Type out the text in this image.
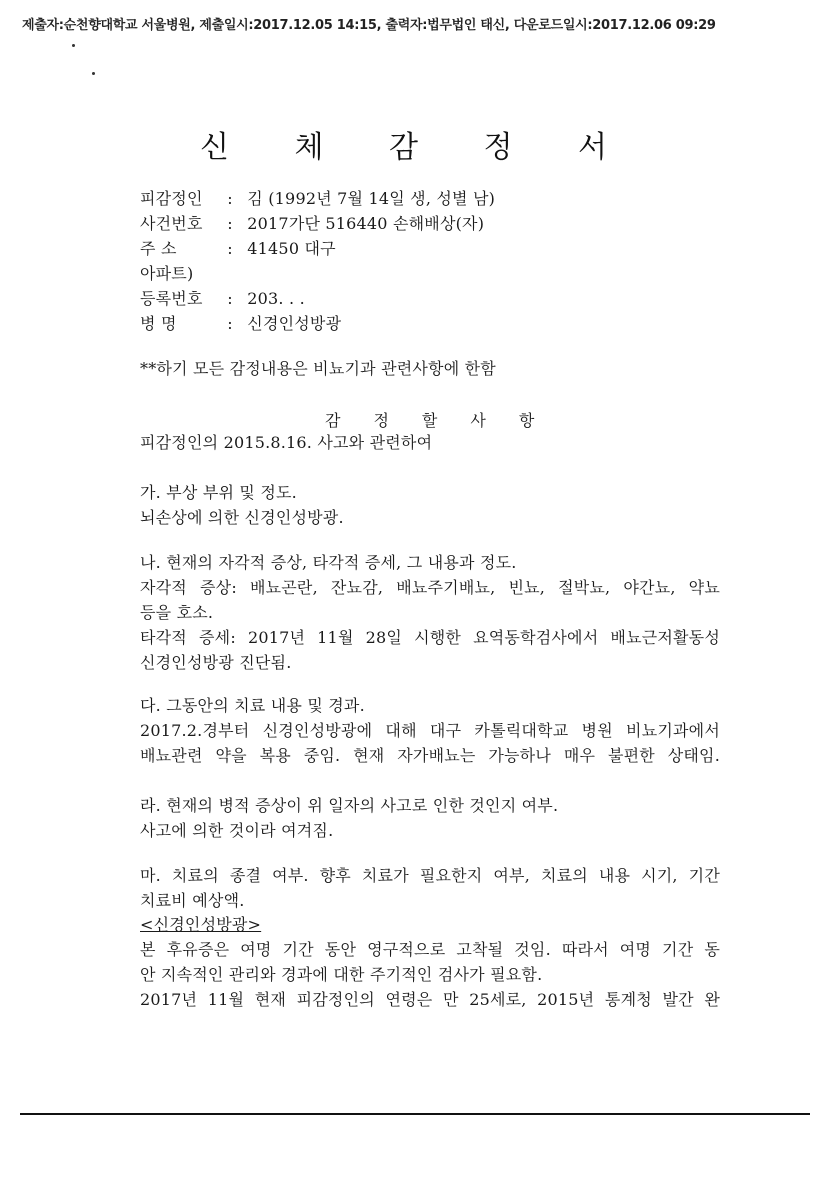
제출자:순천향대학교 서울병원, 제출일시:2017.12.05 14:15, 출력자:법무법인 태신, 다운로드일시:2017.12.06 09:29
신 체 감 정 서
피감정인 : 김 (1992년 7월 14일 생, 성별 남)
사건번호 : 2017가단 516440 손해배상(자)
주 소	: 41450 대구
아파트)
등록번호 : 203. . .
병 명	: 신경인성방광
**하기 모든 감정내용은 비뇨기과 관련사항에 한함
감정할사항
피감정인의 2015.8.16. 사고와 관련하여
가. 부상 부위 및 정도.
뇌손상에 의한 신경인성방광.
나. 현재의 자각적 증상, 타각적 증세, 그 내용과 정도.
자각적 증상: 배뇨곤란, 잔뇨감, 배뇨주기배뇨, 빈뇨, 절박뇨, 야간뇨, 약뇨
등을 호소.
타각적 증세: 2017년 11월 28일 시행한 요역동학검사에서 배뇨근저활동성
신경인성방광 진단됨.
다. 그동안의 치료 내용 및 경과.
2017.2.경부터 신경인성방광에 대해 대구 카톨릭대학교 병원 비뇨기과에서
배뇨관련 약을 복용 중임. 현재 자가배뇨는 가능하나 매우 불편한 상태임.
라. 현재의 병적 증상이 위 일자의 사고로 인한 것인지 여부.
사고에 의한 것이라 여겨짐.
마. 치료의 종결 여부. 향후 치료가 필요한지 여부, 치료의 내용 시기, 기간
치료비 예상액.
<신경인성방광>
본 후유증은 여명 기간 동안 영구적으로 고착될 것임. 따라서 여명 기간 동
안 지속적인 관리와 경과에 대한 주기적인 검사가 필요함.
2017년 11월 현재 피감정인의 연령은 만 25세로, 2015년 통계청 발간 완
